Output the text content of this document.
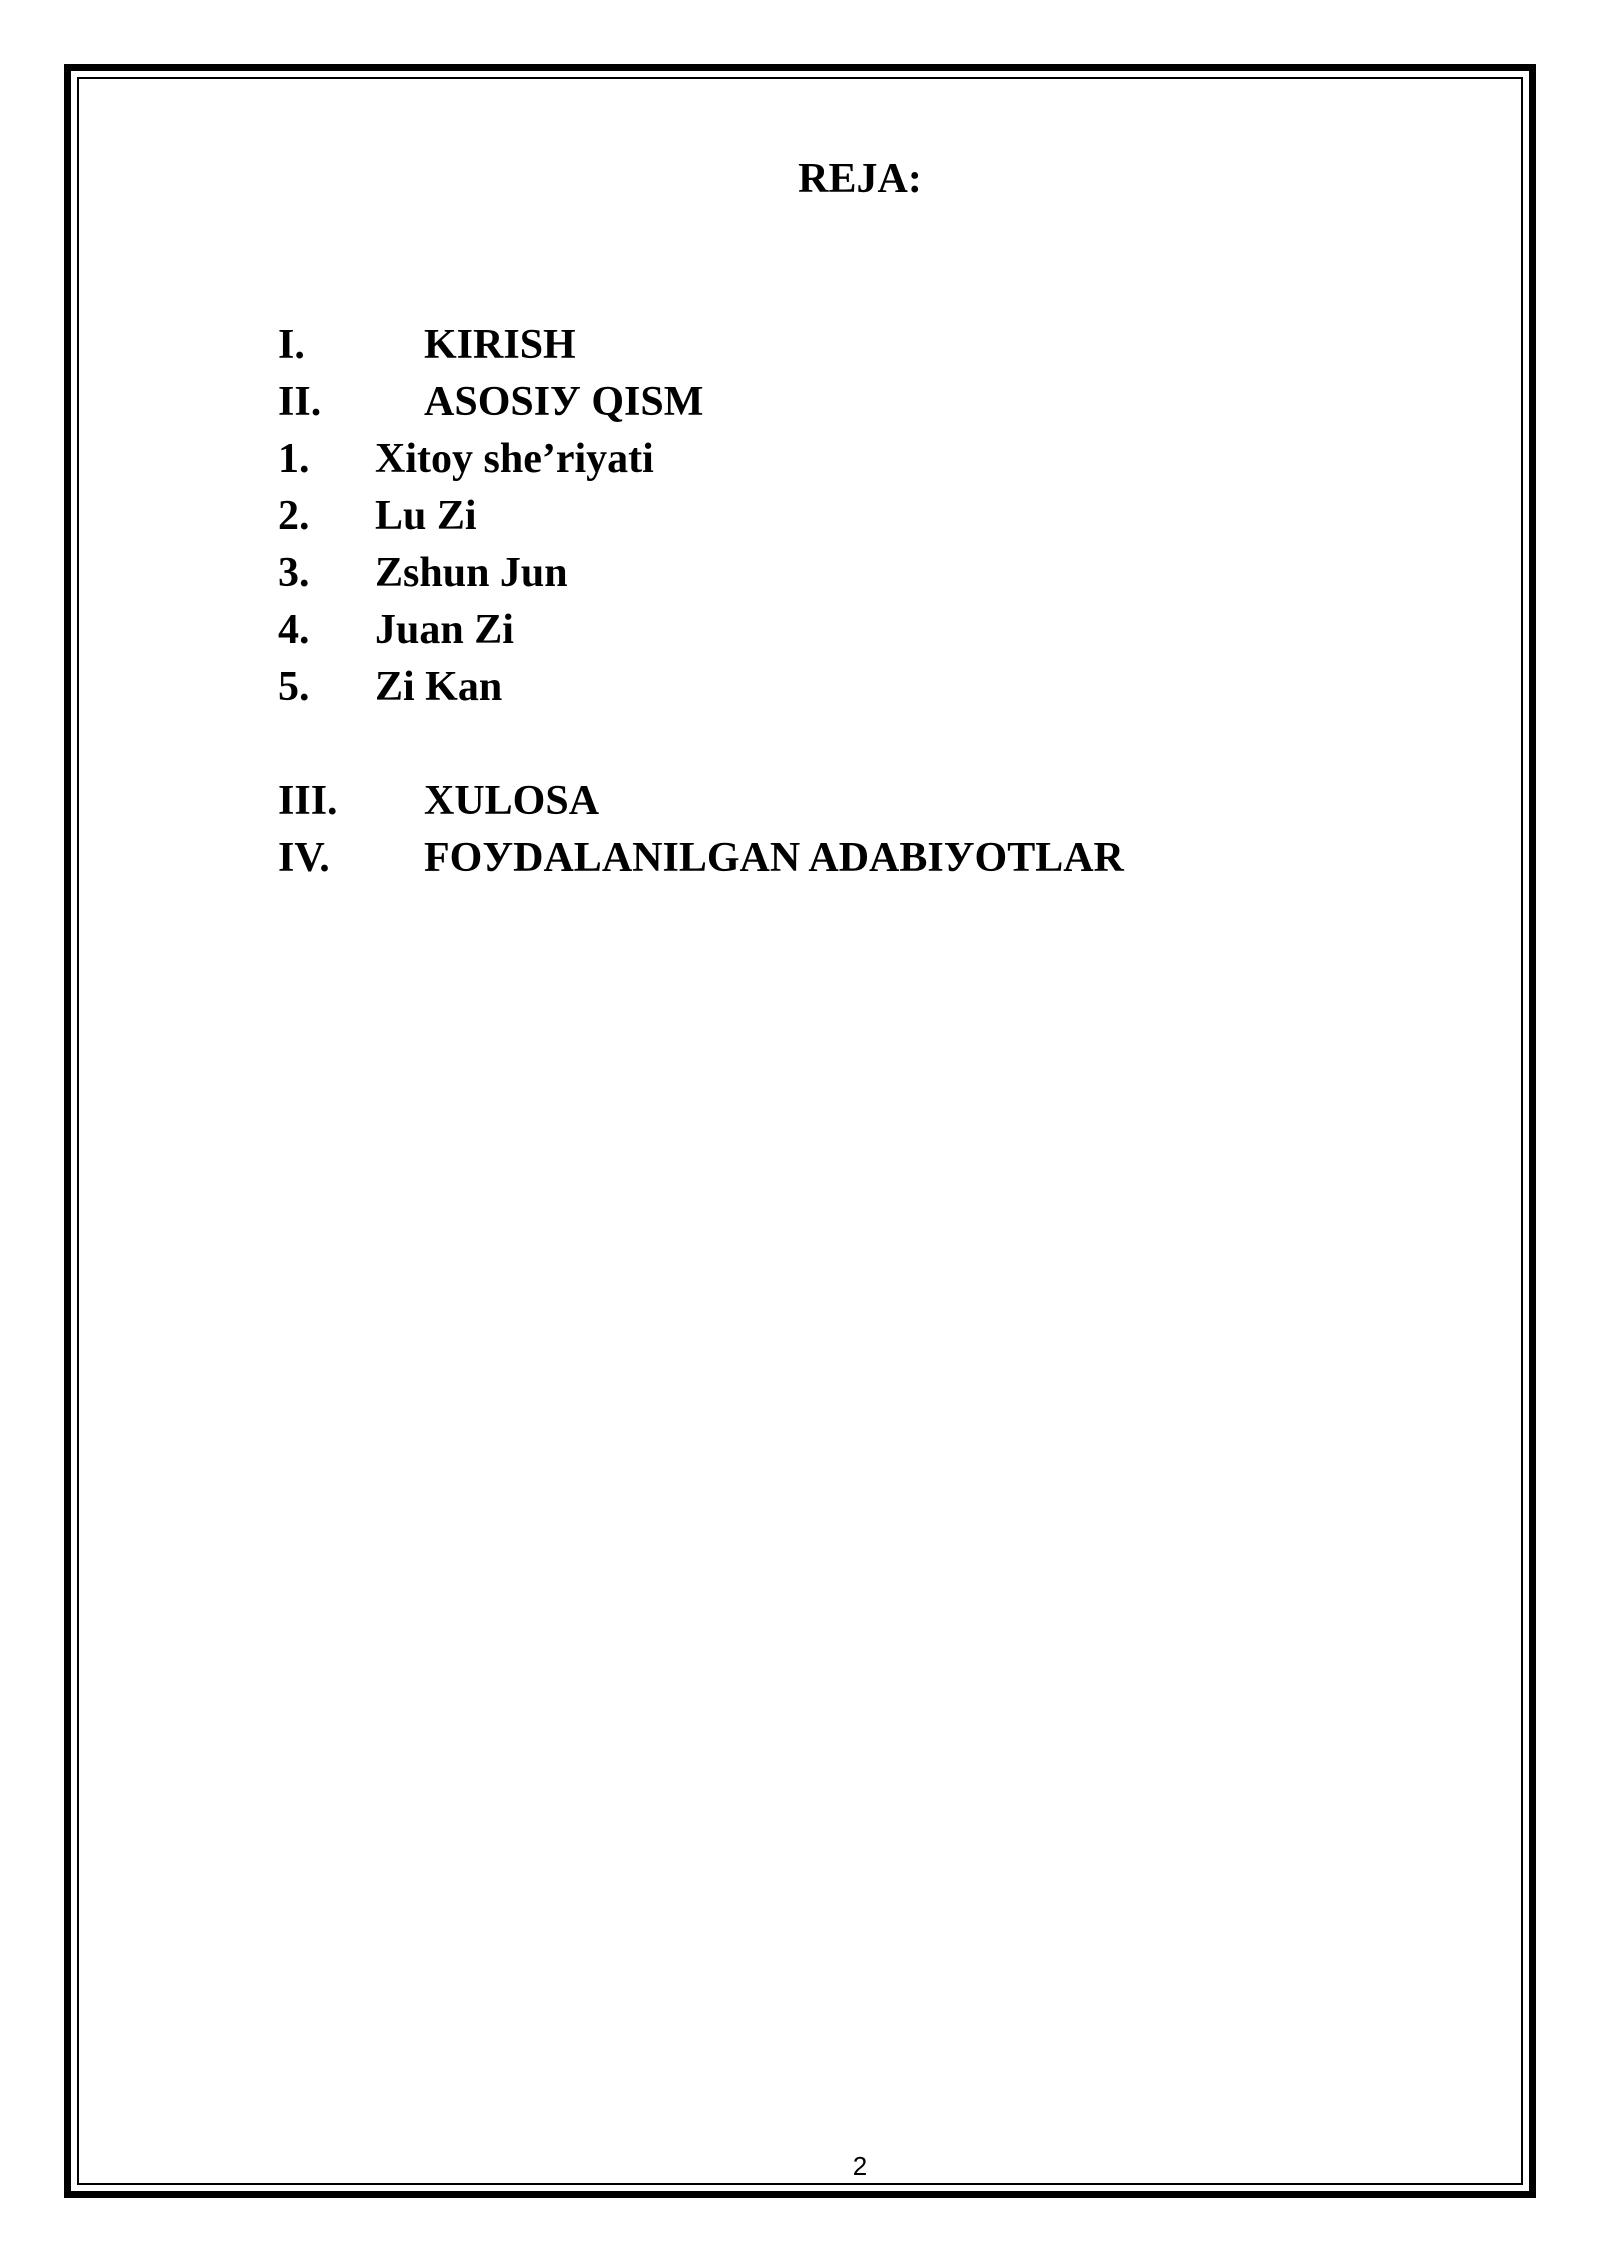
REJA:
I.	KIRISH
II. ASOSIУ QISM
1. Xitoy she’riyati
2. Lu Zi
3. Zshun Jun
4. Juan Zi
5. Zi Kan
III. XULOSA
IV. FOУDALANILGAN ADABIУOTLAR
2
